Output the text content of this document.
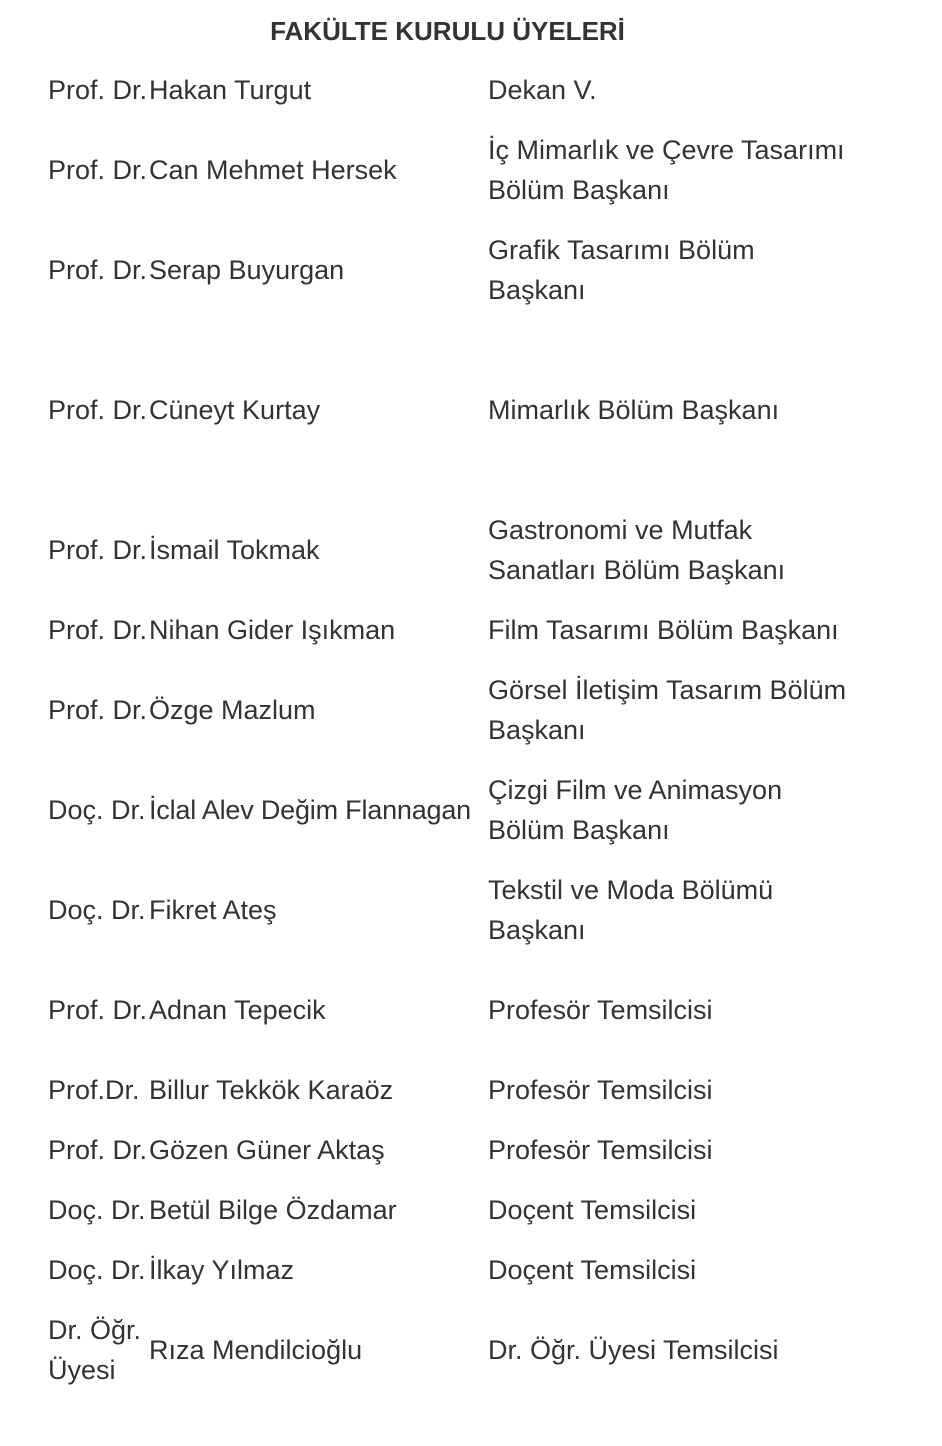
FAKÜLTE KURULU ÜYELERİ
Prof. Dr.	Hakan Turgut	Dekan V.
Prof. Dr.	Can Mehmet Hersek	İç Mimarlık ve Çevre Tasarımı Bölüm Başkanı
Prof. Dr.	Serap Buyurgan	Grafik Tasarımı Bölüm Başkanı
Prof. Dr.	Cüneyt Kurtay	Mimarlık Bölüm Başkanı
Prof. Dr.	İsmail Tokmak	Gastronomi ve Mutfak Sanatları Bölüm Başkanı
Prof. Dr.	Nihan Gider Işıkman	Film Tasarımı Bölüm Başkanı
Prof. Dr.	Özge Mazlum	Görsel İletişim Tasarım Bölüm Başkanı
Doç. Dr.	İclal Alev Değim Flannagan	Çizgi Film ve Animasyon Bölüm Başkanı
Doç. Dr.	Fikret Ateş	Tekstil ve Moda Bölümü Başkanı
Prof. Dr.	Adnan Tepecik	Profesör Temsilcisi
Prof.Dr.	Billur Tekkök Karaöz	Profesör Temsilcisi
Prof. Dr.	Gözen Güner Aktaş	Profesör Temsilcisi
Doç. Dr.	Betül Bilge Özdamar	Doçent Temsilcisi
Doç. Dr.	İlkay Yılmaz	Doçent Temsilcisi
Dr. Öğr. Üyesi	Rıza Mendilcioğlu	Dr. Öğr. Üyesi Temsilcisi
